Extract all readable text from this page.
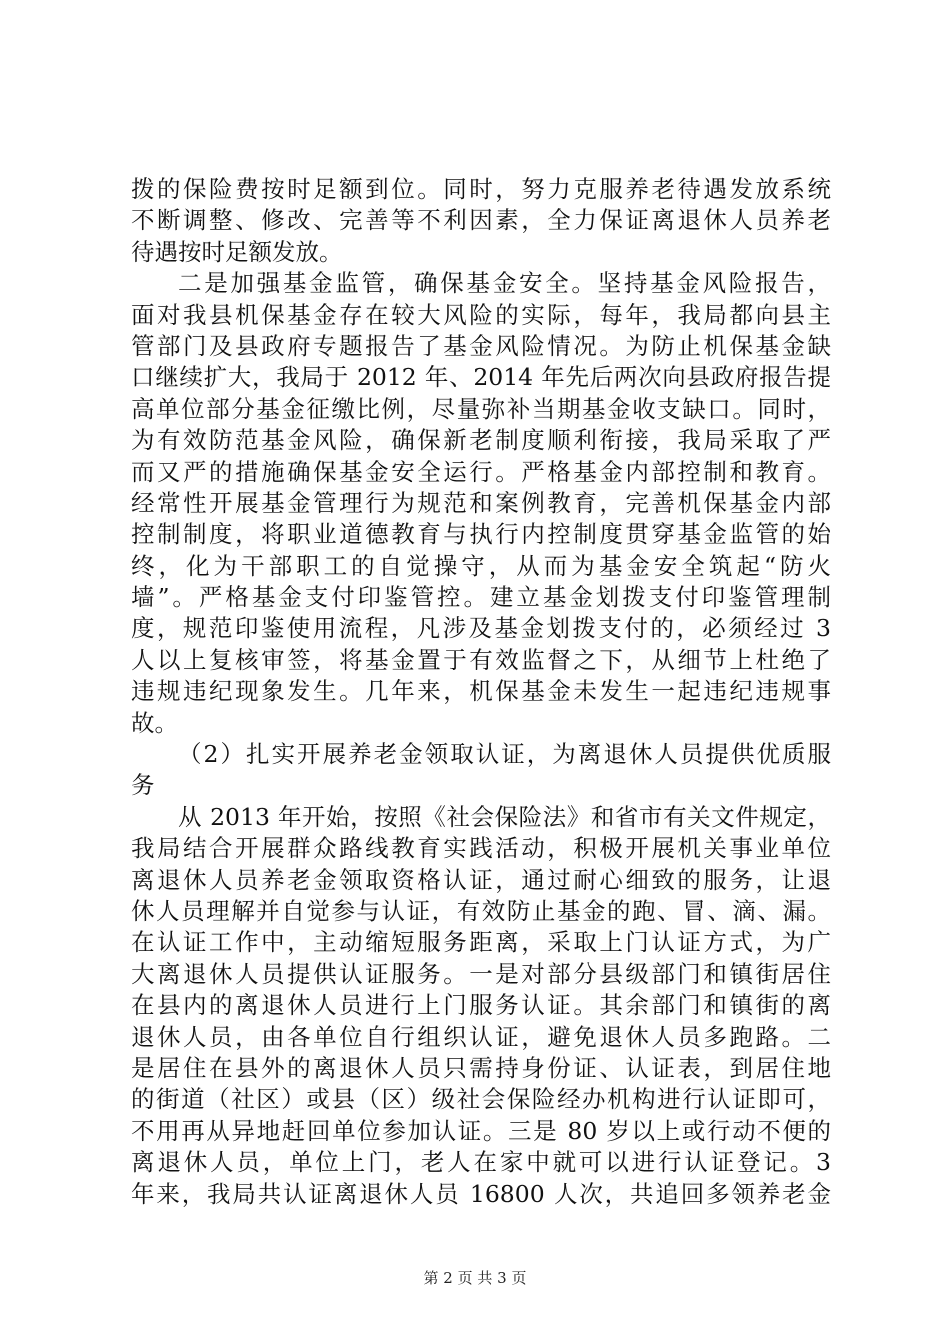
拨的保险费按时足额到位。同时，努力克服养老待遇发放系统
不断调整、修改、完善等不利因素，全力保证离退休人员养老
待遇按时足额发放。
二是加强基金监管，确保基金安全。坚持基金风险报告，
面对我县机保基金存在较大风险的实际，每年，我局都向县主
管部门及县政府专题报告了基金风险情况。为防止机保基金缺
口继续扩大，我局于 2012 年、2014 年先后两次向县政府报告提
高单位部分基金征缴比例，尽量弥补当期基金收支缺口。同时，
为有效防范基金风险，确保新老制度顺利衔接，我局采取了严
而又严的措施确保基金安全运行。严格基金内部控制和教育。
经常性开展基金管理行为规范和案例教育，完善机保基金内部
控制制度，将职业道德教育与执行内控制度贯穿基金监管的始
终，化为干部职工的自觉操守，从而为基金安全筑起“防火
墙”。严格基金支付印鉴管控。建立基金划拨支付印鉴管理制
度，规范印鉴使用流程，凡涉及基金划拨支付的，必须经过 3
人以上复核审签，将基金置于有效监督之下，从细节上杜绝了
违规违纪现象发生。几年来，机保基金未发生一起违纪违规事
故。
（2）扎实开展养老金领取认证，为离退休人员提供优质服
务
从 2013 年开始，按照《社会保险法》和省市有关文件规定，
我局结合开展群众路线教育实践活动，积极开展机关事业单位
离退休人员养老金领取资格认证，通过耐心细致的服务，让退
休人员理解并自觉参与认证，有效防止基金的跑、冒、滴、漏。
在认证工作中，主动缩短服务距离，采取上门认证方式，为广
大离退休人员提供认证服务。一是对部分县级部门和镇街居住
在县内的离退休人员进行上门服务认证。其余部门和镇街的离
退休人员，由各单位自行组织认证，避免退休人员多跑路。二
是居住在县外的离退休人员只需持身份证、认证表，到居住地
的街道（社区）或县（区）级社会保险经办机构进行认证即可，
不用再从异地赶回单位参加认证。三是 80 岁以上或行动不便的
离退休人员，单位上门，老人在家中就可以进行认证登记。3
年来，我局共认证离退休人员 16800 人次，共追回多领养老金
第 2 页 共 3 页
